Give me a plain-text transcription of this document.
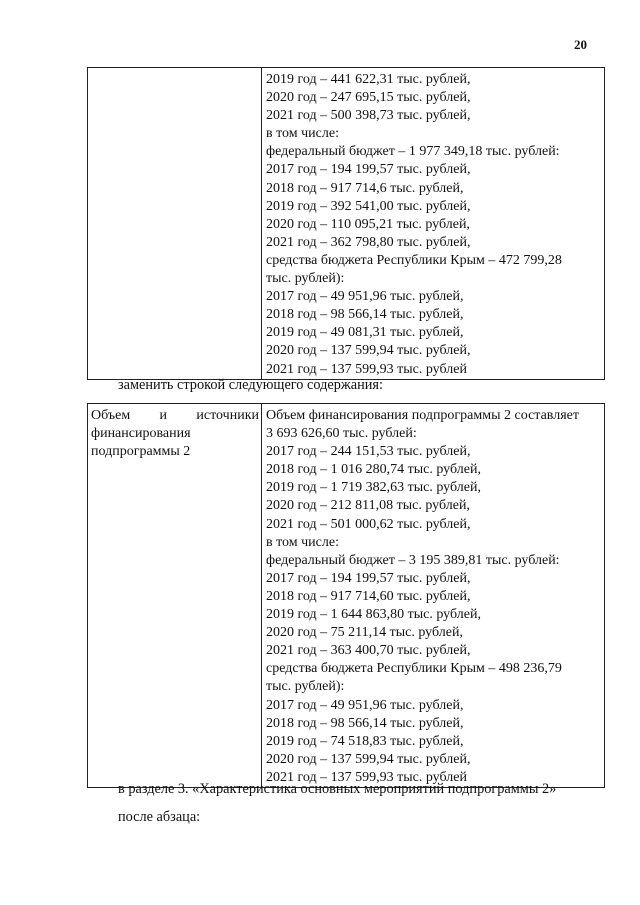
20

2019 год – 441 622,31 тыс. рублей,
2020 год – 247 695,15 тыс. рублей,
2021 год – 500 398,73 тыс. рублей,
в том числе:
федеральный бюджет – 1 977 349,18 тыс. рублей:
2017 год – 194 199,57 тыс. рублей,
2018 год – 917 714,6 тыс. рублей,
2019 год – 392 541,00 тыс. рублей,
2020 год – 110 095,21 тыс. рублей,
2021 год – 362 798,80 тыс. рублей,
средства бюджета Республики Крым – 472 799,28
тыс. рублей):
2017 год – 49 951,96 тыс. рублей,
2018 год – 98 566,14 тыс. рублей,
2019 год – 49 081,31 тыс. рублей,
2020 год – 137 599,94 тыс. рублей,
2021 год – 137 599,93 тыс. рублей
заменить строкой следующего содержания:
Объем и источники
финансирования
подпрограммы 2

Объем финансирования подпрограммы 2 составляет
3 693 626,60 тыс. рублей:
2017 год – 244 151,53 тыс. рублей,
2018 год – 1 016 280,74 тыс. рублей,
2019 год – 1 719 382,63 тыс. рублей,
2020 год – 212 811,08 тыс. рублей,
2021 год – 501 000,62 тыс. рублей,
в том числе:
федеральный бюджет – 3 195 389,81 тыс. рублей:
2017 год – 194 199,57 тыс. рублей,
2018 год – 917 714,60 тыс. рублей,
2019 год – 1 644 863,80 тыс. рублей,
2020 год – 75 211,14 тыс. рублей,
2021 год – 363 400,70 тыс. рублей,
средства бюджета Республики Крым – 498 236,79
тыс. рублей):
2017 год – 49 951,96 тыс. рублей,
2018 год – 98 566,14 тыс. рублей,
2019 год – 74 518,83 тыс. рублей,
2020 год – 137 599,94 тыс. рублей,
2021 год – 137 599,93 тыс. рублей
в разделе 3. «Характеристика основных мероприятий подпрограммы 2»
после абзаца:
